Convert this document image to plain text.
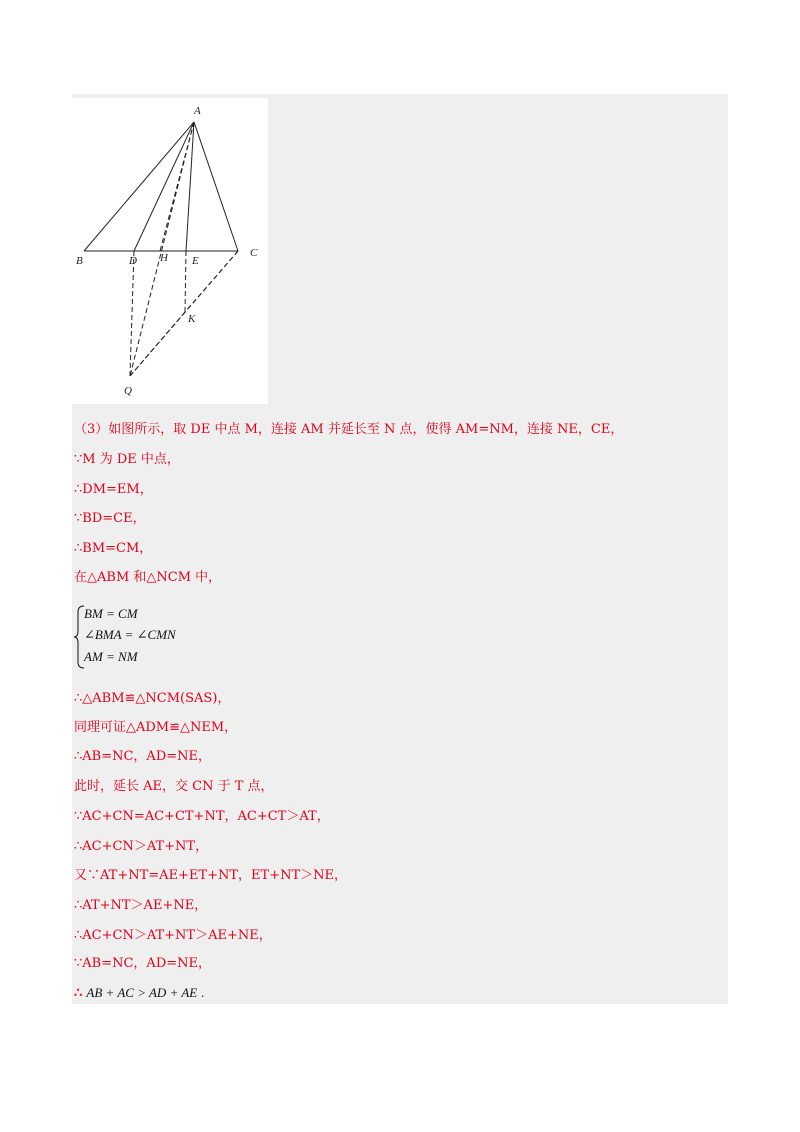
A
B
C
D H E
K
Q
（3）如图所示，取 DE 中点 M，连接 AM 并延长至 N 点，使得 AM=NM，连接 NE，CE，
∵M 为 DE 中点，
∴DM=EM，
∵BD=CE，
∴BM=CM，
在△ABM 和△NCM 中，
BM = CM
∠BMA = ∠CMN
AM = NM
∴△ABM≌△NCM(SAS)，
同理可证△ADM≌△NEM，
∴AB=NC，AD=NE，
此时，延长 AE，交 CN 于 T 点，
∵AC+CN=AC+CT+NT，AC+CT＞AT，
∴AC+CN＞AT+NT，
又∵AT+NT=AE+ET+NT，ET+NT＞NE，
∴AT+NT＞AE+NE，
∴AC+CN＞AT+NT＞AE+NE，
∵AB=NC，AD=NE，
∴ AB + AC > AD + AE .
